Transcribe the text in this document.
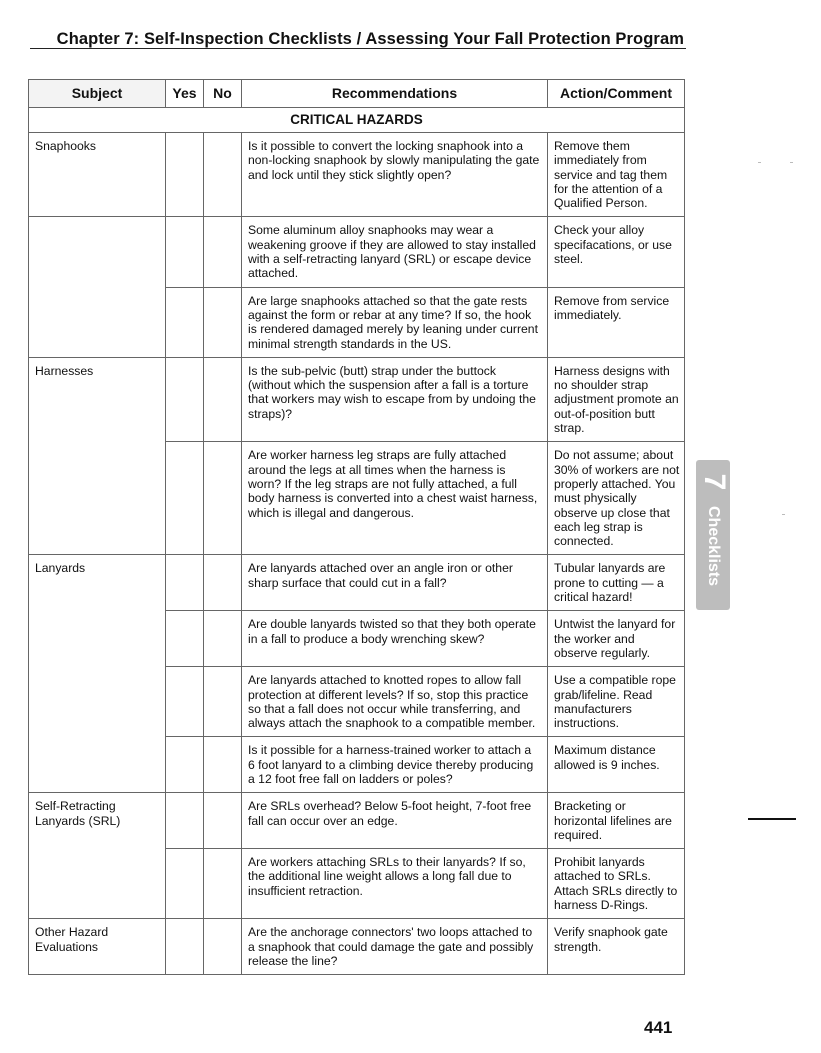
Chapter 7: Self-Inspection Checklists / Assessing Your Fall Protection Program
Subject	Yes	No	Recommendations	Action/Comment
CRITICAL HAZARDS				
Snaphooks			Is it possible to convert the locking snaphook into a non-locking snaphook by slowly manipulating the gate and lock until they stick slightly open?	Remove them immediately from service and tag them for the attention of a Qualified Person.
			Some aluminum alloy snaphooks may wear a weakening groove if they are allowed to stay installed with a self-retracting lanyard (SRL) or escape device attached.	Check your alloy specifacations, or use steel.
			Are large snaphooks attached so that the gate rests against the form or rebar at any time? If so, the hook is rendered damaged merely by leaning under current minimal strength standards in the US.	Remove from service immediately.
Harnesses			Is the sub-pelvic (butt) strap under the buttock (without which the suspension after a fall is a torture that workers may wish to escape from by undoing the straps)?	Harness designs with no shoulder strap adjustment promote an out-of-position butt strap.
			Are worker harness leg straps are fully attached around the legs at all times when the harness is worn? If the leg straps are not fully attached, a full body harness is converted into a chest waist harness, which is illegal and dangerous.	Do not assume; about 30% of workers are not properly attached. You must physically observe up close that each leg strap is connected.
Lanyards			Are lanyards attached over an angle iron or other sharp surface that could cut in a fall?	Tubular lanyards are prone to cutting — a critical hazard!
			Are double lanyards twisted so that they both operate in a fall to produce a body wrenching skew?	Untwist the lanyard for the worker and observe regularly.
			Are lanyards attached to knotted ropes to allow fall protection at different levels? If so, stop this practice so that a fall does not occur while transferring, and always attach the snaphook to a compatible member.	Use a compatible rope grab/lifeline. Read manufacturers instructions.
			Is it possible for a harness-trained worker to attach a 6 foot lanyard to a climbing device thereby producing a 12 foot free fall on ladders or poles?	Maximum distance allowed is 9 inches.
Self-Retracting Lanyards (SRL)			Are SRLs overhead? Below 5-foot height, 7-foot free fall can occur over an edge.	Bracketing or horizontal lifelines are required.
			Are workers attaching SRLs to their lanyards? If so, the additional line weight allows a long fall due to insufficient retraction.	Prohibit lanyards attached to SRLs. Attach SRLs directly to harness D-Rings.
Other Hazard Evaluations			Are the anchorage connectors' two loops attached to a snaphook that could damage the gate and possibly release the line?	Verify snaphook gate strength.
7
Checklists
441
